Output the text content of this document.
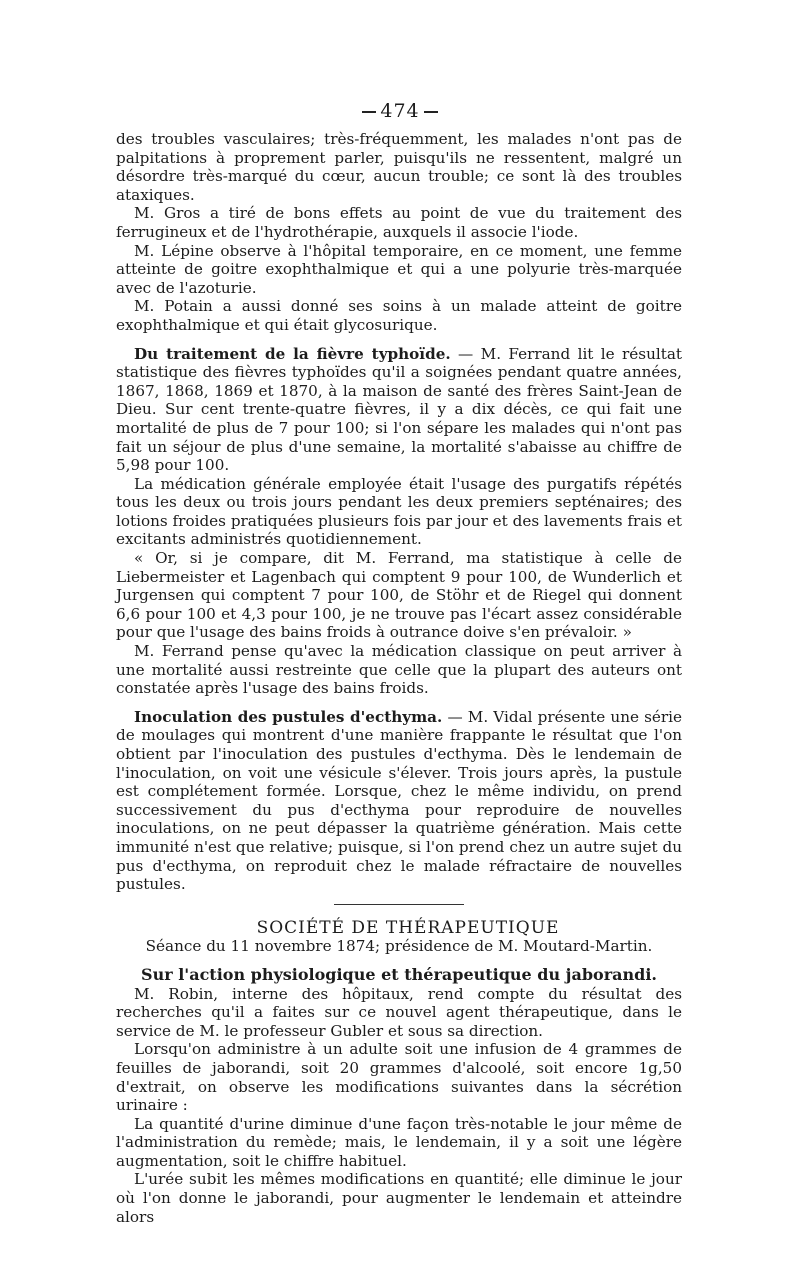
474

des troubles vasculaires; très-fréquemment, les malades n'ont pas de palpitations à proprement parler, puisqu'ils ne ressentent, malgré un désordre très-marqué du cœur, aucun trouble; ce sont là des troubles ataxiques.

M. Gros a tiré de bons effets au point de vue du traitement des ferrugineux et de l'hydrothérapie, auxquels il associe l'iode.

M. Lépine observe à l'hôpital temporaire, en ce moment, une femme atteinte de goitre exophthalmique et qui a une polyurie très-marquée avec de l'azoturie.

M. Potain a aussi donné ses soins à un malade atteint de goitre exophthalmique et qui était glycosurique.

Du traitement de la fièvre typhoïde. — M. Ferrand lit le résultat statistique des fièvres typhoïdes qu'il a soignées pendant quatre années, 1867, 1868, 1869 et 1870, à la maison de santé des frères Saint-Jean de Dieu. Sur cent trente-quatre fièvres, il y a dix décès, ce qui fait une mortalité de plus de 7 pour 100; si l'on sépare les malades qui n'ont pas fait un séjour de plus d'une semaine, la mortalité s'abaisse au chiffre de 5,98 pour 100.

La médication générale employée était l'usage des purgatifs répétés tous les deux ou trois jours pendant les deux premiers septénaires; des lotions froides pratiquées plusieurs fois par jour et des lavements frais et excitants administrés quotidiennement.

« Or, si je compare, dit M. Ferrand, ma statistique à celle de Liebermeister et Lagenbach qui comptent 9 pour 100, de Wunderlich et Jurgensen qui comptent 7 pour 100, de Stöhr et de Riegel qui donnent 6,6 pour 100 et 4,3 pour 100, je ne trouve pas l'écart assez considérable pour que l'usage des bains froids à outrance doive s'en prévaloir. »

M. Ferrand pense qu'avec la médication classique on peut arriver à une mortalité aussi restreinte que celle que la plupart des auteurs ont constatée après l'usage des bains froids.

Inoculation des pustules d'ecthyma. — M. Vidal présente une série de moulages qui montrent d'une manière frappante le résultat que l'on obtient par l'inoculation des pustules d'ecthyma. Dès le lendemain de l'inoculation, on voit une vésicule s'élever. Trois jours après, la pustule est complétement formée. Lorsque, chez le même individu, on prend successivement du pus d'ecthyma pour reproduire de nouvelles inoculations, on ne peut dépasser la quatrième génération. Mais cette immunité n'est que relative; puisque, si l'on prend chez un autre sujet du pus d'ecthyma, on reproduit chez le malade réfractaire de nouvelles pustules.

SOCIÉTÉ DE THÉRAPEUTIQUE

Séance du 11 novembre 1874; présidence de M. Moutard-Martin.

Sur l'action physiologique et thérapeutique du jaborandi.

M. Robin, interne des hôpitaux, rend compte du résultat des recherches qu'il a faites sur ce nouvel agent thérapeutique, dans le service de M. le professeur Gubler et sous sa direction.

Lorsqu'on administre à un adulte soit une infusion de 4 grammes de feuilles de jaborandi, soit 20 grammes d'alcoolé, soit encore 1g,50 d'extrait, on observe les modifications suivantes dans la sécrétion urinaire :

La quantité d'urine diminue d'une façon très-notable le jour même de l'administration du remède; mais, le lendemain, il y a soit une légère augmentation, soit le chiffre habituel.

L'urée subit les mêmes modifications en quantité; elle diminue le jour où l'on donne le jaborandi, pour augmenter le lendemain et atteindre alors
